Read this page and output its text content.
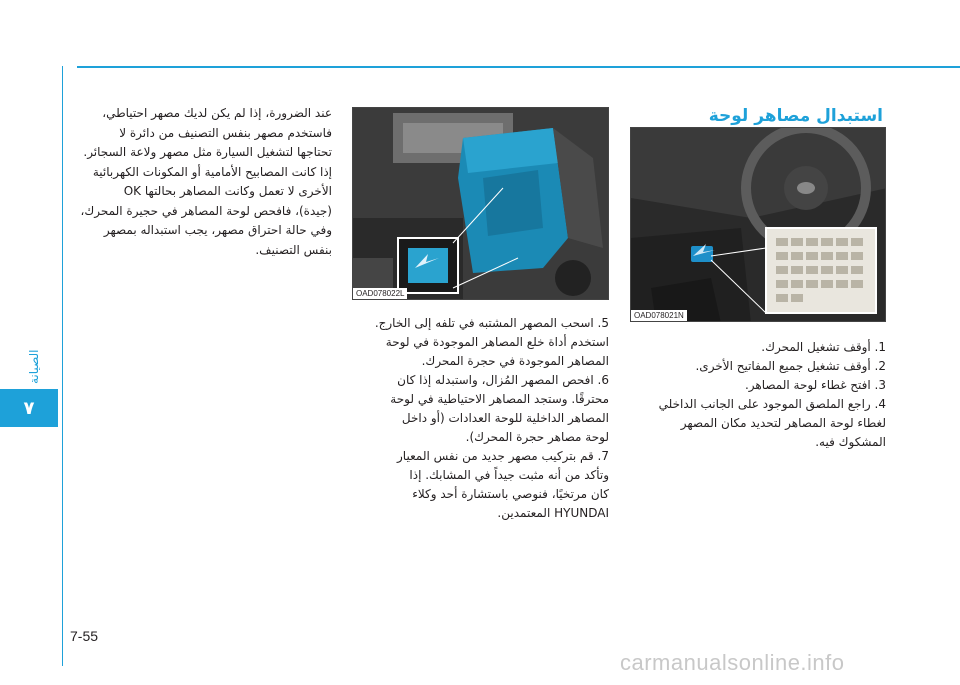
الصيانة
٧
استبدال مصاهر لوحة
OAD078021N
OAD078022L
1. أوقف تشغيل المحرك.
2. أوقف تشغيل جميع المفاتيح الأخرى.
3. افتح غطاء لوحة المصاهر.
4. راجع الملصق الموجود على الجانب الداخلي
لغطاء لوحة المصاهر لتحديد مكان المصهر
المشكوك فيه.
5. اسحب المصهر المشتبه في تلفه إلى الخارج.
استخدم أداة خلع المصاهر الموجودة في لوحة
المصاهر الموجودة في حجرة المحرك.
6. افحص المصهر المُزال، واستبدله إذا كان
محترقًا. وستجد المصاهر الاحتياطية في لوحة
المصاهر الداخلية للوحة العدادات (أو داخل
لوحة مصاهر حجرة المحرك).
7. قم بتركيب مصهر جديد من نفس المعيار
وتأكد من أنه مثبت جيداً في المشابك. إذا
كان مرتخيًا، فنوصي باستشارة أحد وكلاء
HYUNDAI المعتمدين.
عند الضرورة، إذا لم يكن لديك مصهر احتياطي،
فاستخدم مصهر بنفس التصنيف من دائرة لا
تحتاجها لتشغيل السيارة مثل مصهر ولاعة السجائر.
إذا كانت المصابيح الأمامية أو المكونات الكهربائية
الأخرى لا تعمل وكانت المصاهر بحالتها OK
(جيدة)، فافحص لوحة المصاهر في حجيرة المحرك،
وفي حالة احتراق مصهر، يجب استبداله بمصهر
بنفس التصنيف.
7-55
carmanualsonline.info
